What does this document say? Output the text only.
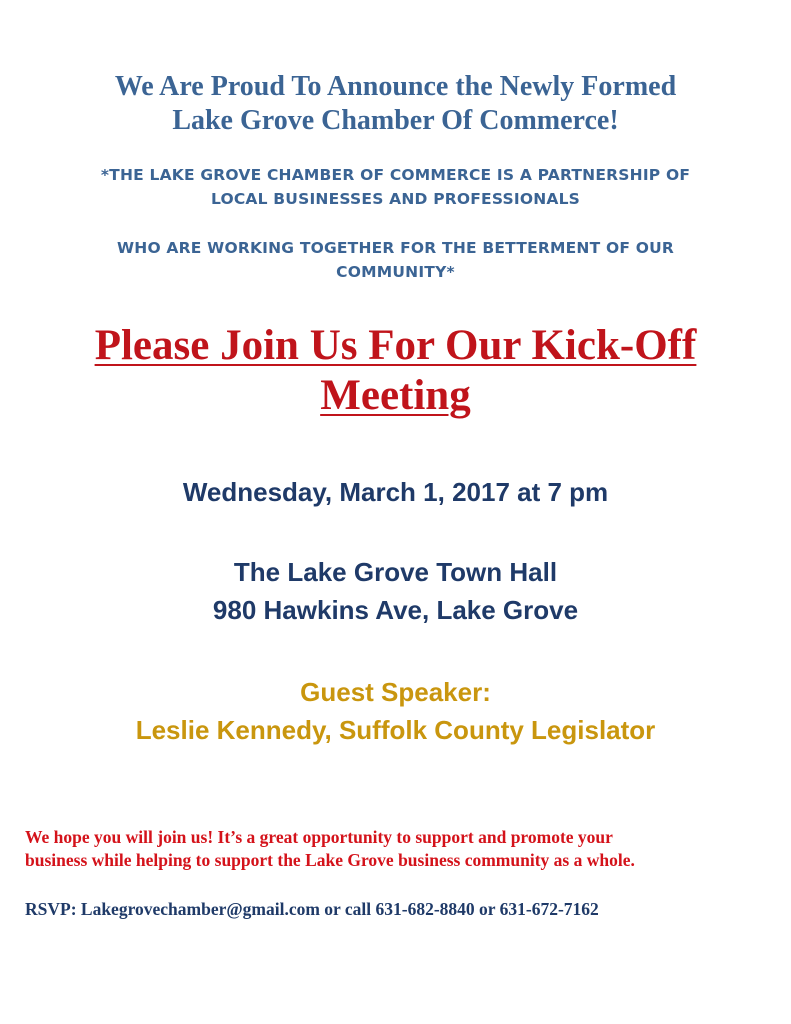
We Are Proud To Announce the Newly Formed
Lake Grove Chamber Of Commerce!

*THE LAKE GROVE CHAMBER OF COMMERCE IS A PARTNERSHIP OF
LOCAL BUSINESSES AND PROFESSIONALS

WHO ARE WORKING TOGETHER FOR THE BETTERMENT OF OUR
COMMUNITY*

Please Join Us For Our Kick-Off
Meeting

Wednesday, March 1, 2017 at 7 pm

The Lake Grove Town Hall
980 Hawkins Ave, Lake Grove

Guest Speaker:
Leslie Kennedy, Suffolk County Legislator

We hope you will join us! It’s a great opportunity to support and promote your
business while helping to support the Lake Grove business community as a whole.

RSVP: Lakegrovechamber@gmail.com or call 631-682-8840 or 631-672-7162
